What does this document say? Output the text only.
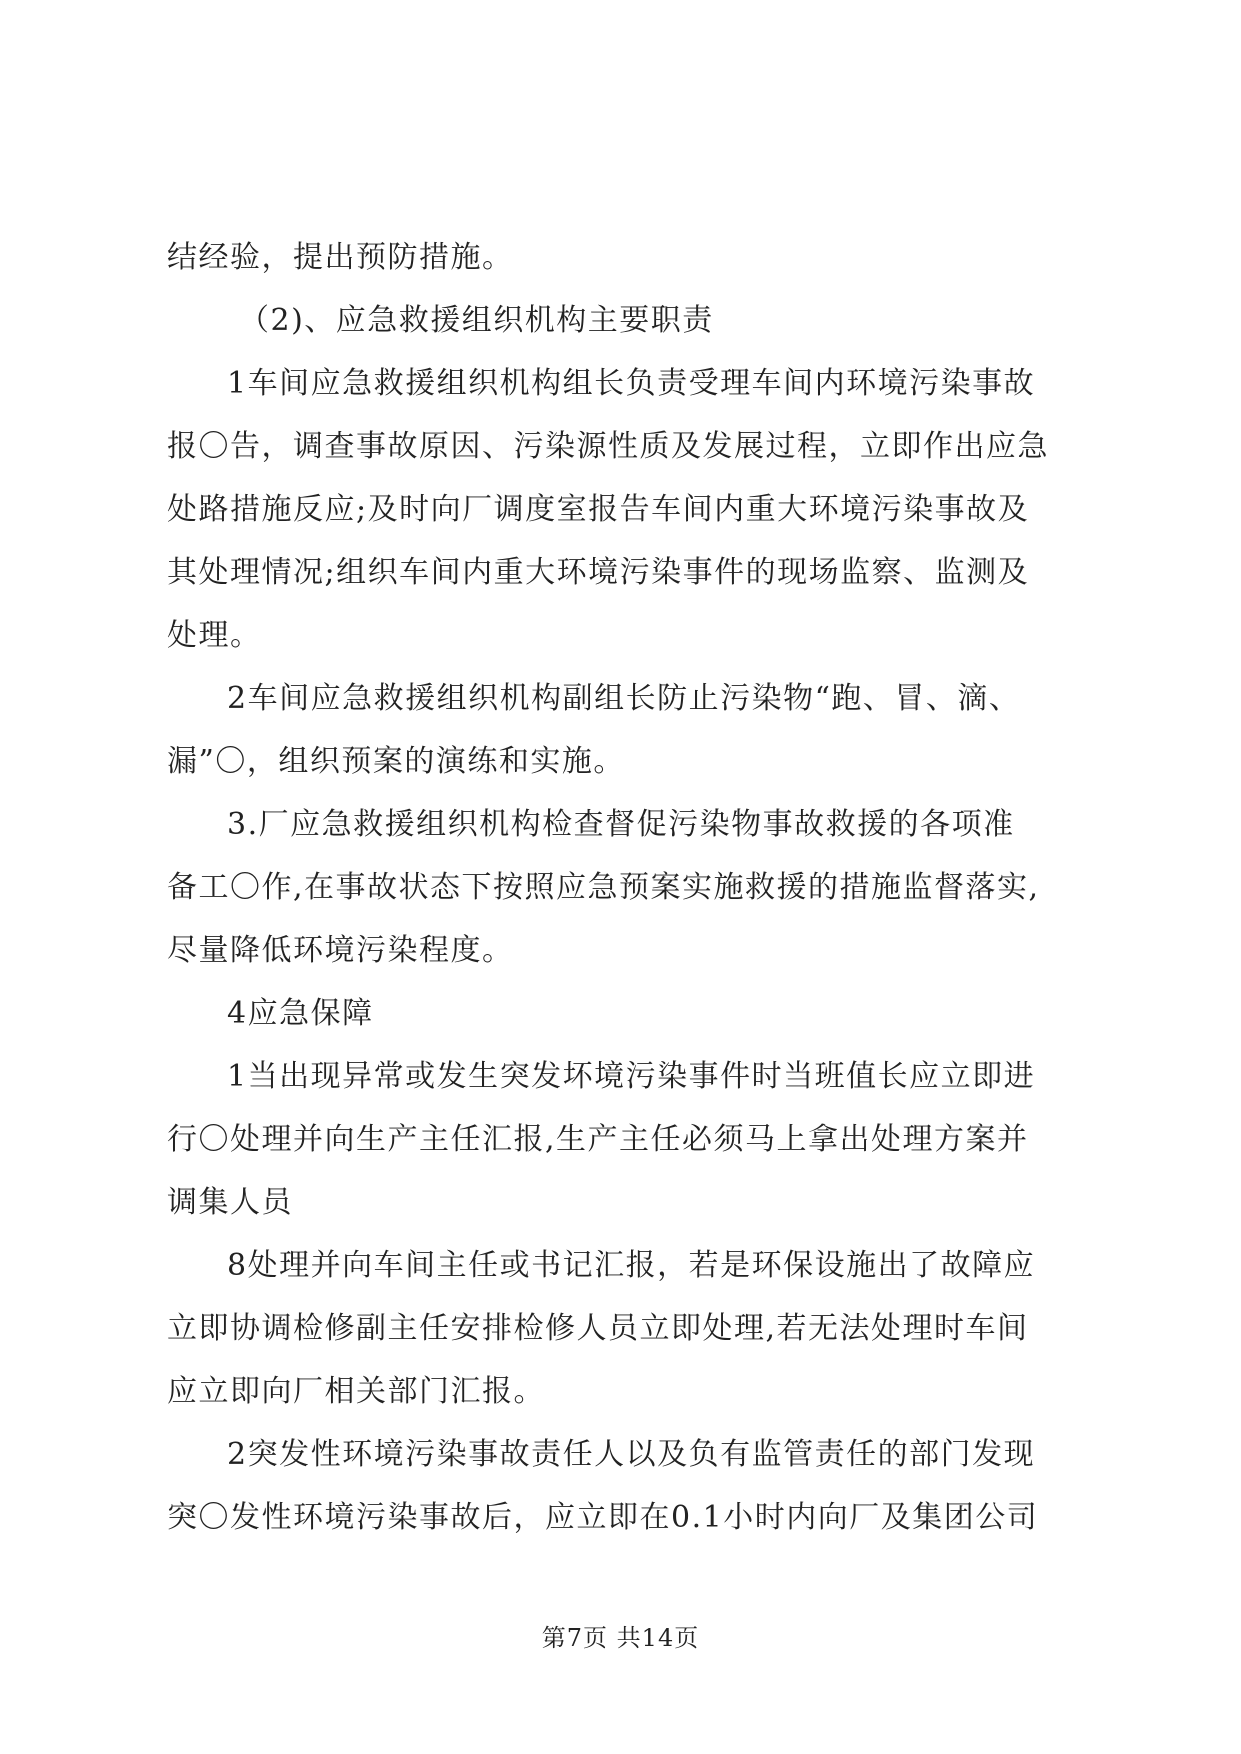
结经验，提出预防措施。
（2)、应急救援组织机构主要职责
1车间应急救援组织机构组长负责受理车间内环境污染事故
报〇告，调查事故原因、污染源性质及发展过程，立即作出应急
处路措施反应;及时向厂调度室报告车间内重大环境污染事故及
其处理情况;组织车间内重大环境污染事件的现场监察、监测及
处理。
2车间应急救援组织机构副组长防止污染物“跑、冒、滴、
漏”〇，组织预案的演练和实施。
3.厂应急救援组织机构检查督促污染物事故救援的各项准
备工〇作,在事故状态下按照应急预案实施救援的措施监督落实,
尽量降低环境污染程度。
4应急保障
1当出现异常或发生突发坏境污染事件时当班值长应立即进
行〇处理并向生产主任汇报,生产主任必须马上拿出处理方案并
调集人员
8处理并向车间主任或书记汇报，若是环保设施出了故障应
立即协调检修副主任安排检修人员立即处理,若无法处理时车间
应立即向厂相关部门汇报。
2突发性环境污染事故责任人以及负有监管责任的部门发现
突〇发性环境污染事故后，应立即在0.1小时内向厂及集团公司
第7页 共14页
